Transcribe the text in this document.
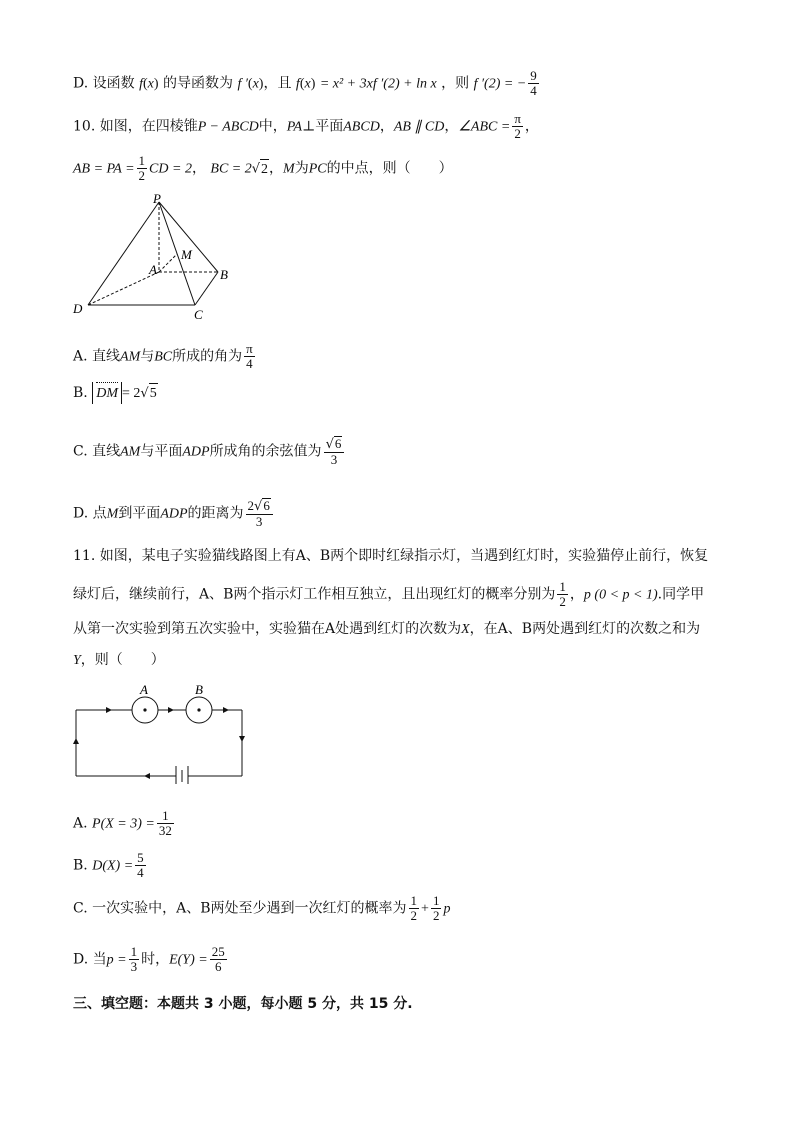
D. 设函数 f(x) 的导函数为 f ′(x)，且 f(x) = x² + 3xf ′(2) + ln x ，则 f ′(2) = − $\frac{9}{4}$
10. 如图，在四棱锥P − ABCD中，PA⊥平面ABCD，AB ∥ CD，∠ABC = $\frac{\pi}{2}$ ，
AB = PA = $\frac{1}{2}$ CD = 2， BC = 2√2，M为PC的中点，则（　　）
P
A
M
B
D	C
A. 直线AM与BC所成的角为 $\frac{\pi}{4}$
B. DM = 2√5
C. 直线AM与平面ADP所成角的余弦值为 $\frac{√6}{3}$
D. 点M到平面ADP的距离为 $\frac{2√6}{3}$
11. 如图，某电子实验猫线路图上有A、B两个即时红绿指示灯，当遇到红灯时，实验猫停止前行，恢复
绿灯后，继续前行，A、B两个指示灯工作相互独立，且出现红灯的概率分别为 $\frac{1}{2}$ ，p (0 < p < 1).同学甲
从第一次实验到第五次实验中，实验猫在A处遇到红灯的次数为X，在A、B两处遇到红灯的次数之和为
Y，则（　　）
A	B
A. $P(X = 3) = \frac{1}{32}$
B. $D(X) = \frac{5}{4}$
C. 一次实验中，A、B两处至少遇到一次红灯的概率为 $\frac{1}{2} + \frac{1}{2}$ p
D. 当$p = \frac{1}{3}$ 时，$E(Y) = \frac{25}{6}$
三、填空题：本题共 3 小题，每小题 5 分，共 15 分.
